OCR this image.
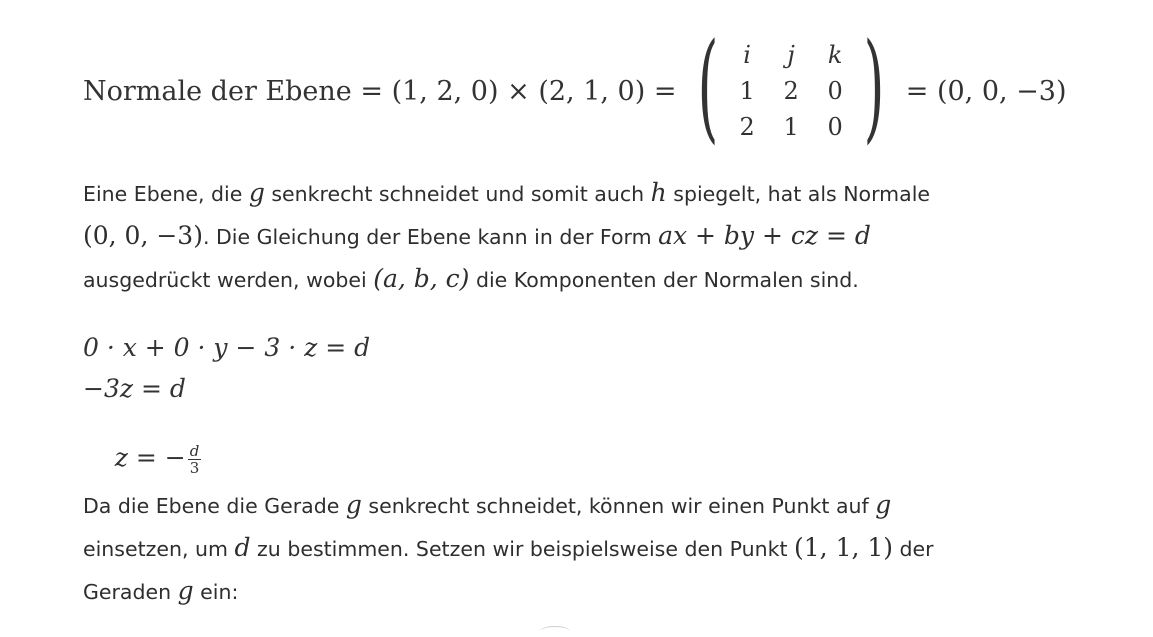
Normale der Ebene = (1, 2, 0) × (2, 1, 0) = (	i	j	k
1	2	0
2	1	0 ) = (0, 0, −3)
Eine Ebene, die g senkrecht schneidet und somit auch h spiegelt, hat als Normale
(0, 0, −3). Die Gleichung der Ebene kann in der Form ax + by + cz = d
ausgedrückt werden, wobei (a, b, c) die Komponenten der Normalen sind.
0 · x + 0 · y − 3 · z = d
−3z = d

z = − $\frac{d}{3}$

Da die Ebene die Gerade g senkrecht schneidet, können wir einen Punkt auf g
einsetzen, um d zu bestimmen. Setzen wir beispielsweise den Punkt (1, 1, 1) der
Geraden g ein:
